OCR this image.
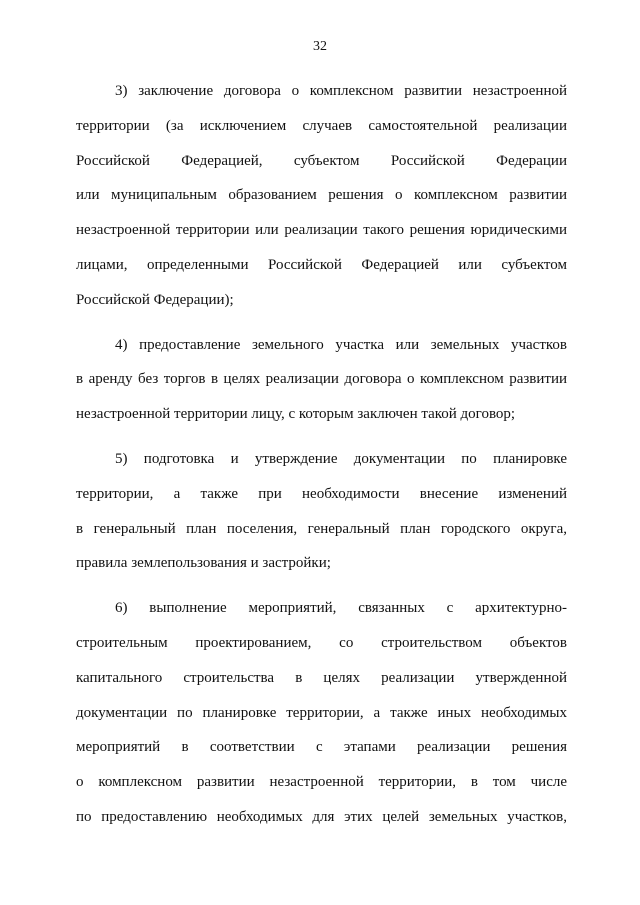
32
3) заключение договора о комплексном развитии незастроенной
территории (за исключением случаев самостоятельной реализации
Российской Федерацией, субъектом Российской Федерации
или муниципальным образованием решения о комплексном развитии
незастроенной территории или реализации такого решения юридическими
лицами, определенными Российской Федерацией или субъектом
Российской Федерации);
4) предоставление земельного участка или земельных участков
в аренду без торгов в целях реализации договора о комплексном развитии
незастроенной территории лицу, с которым заключен такой договор;
5) подготовка и утверждение документации по планировке
территории, а также при необходимости внесение изменений
в генеральный план поселения, генеральный план городского округа,
правила землепользования и застройки;
6) выполнение мероприятий, связанных с архитектурно-
строительным проектированием, со строительством объектов
капитального строительства в целях реализации утвержденной
документации по планировке территории, а также иных необходимых
мероприятий в соответствии с этапами реализации решения
о комплексном развитии незастроенной территории, в том числе
по предоставлению необходимых для этих целей земельных участков,
